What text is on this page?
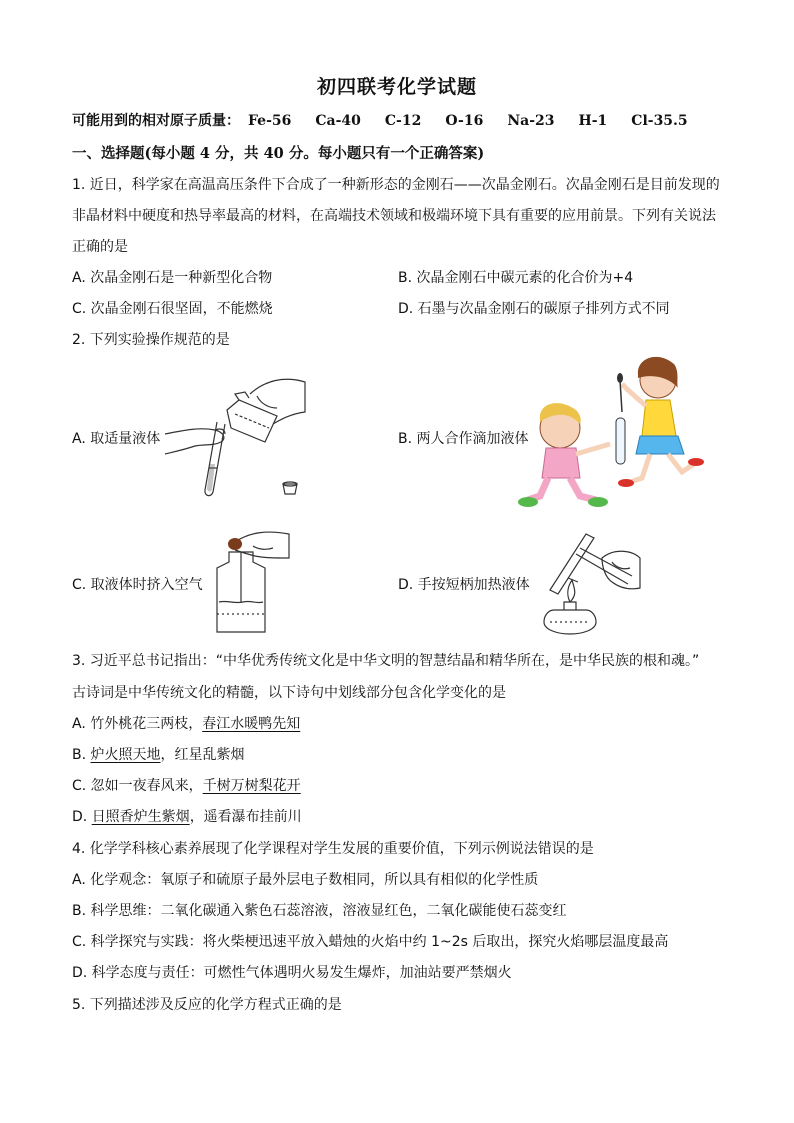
初四联考化学试题
可能用到的相对原子质量： Fe-56 Ca-40 C-12 O-16 Na-23 H-1 Cl-35.5
一、选择题(每小题 4 分，共 40 分。每小题只有一个正确答案)
1. 近日，科学家在高温高压条件下合成了一种新形态的金刚石——次晶金刚石。次晶金刚石是目前发现的
非晶材料中硬度和热导率最高的材料，在高端技术领域和极端环境下具有重要的应用前景。下列有关说法
正确的是
A. 次晶金刚石是一种新型化合物	B. 次晶金刚石中碳元素的化合价为+4
C. 次晶金刚石很坚固，不能燃烧	D. 石墨与次晶金刚石的碳原子排列方式不同
2. 下列实验操作规范的是
A. 取适量液体	B. 两人合作滴加液体
C. 取液体时挤入空气	D. 手按短柄加热液体
3. 习近平总书记指出：“中华优秀传统文化是中华文明的智慧结晶和精华所在，是中华民族的根和魂。”
古诗词是中华传统文化的精髓，以下诗句中划线部分包含化学变化的是
A. 竹外桃花三两枝，春江水暖鸭先知
B. 炉火照天地，红星乱紫烟
C. 忽如一夜春风来，千树万树梨花开
D. 日照香炉生紫烟，遥看瀑布挂前川
4. 化学学科核心素养展现了化学课程对学生发展的重要价值，下列示例说法错误的是
A. 化学观念：氧原子和硫原子最外层电子数相同，所以具有相似的化学性质
B. 科学思维：二氧化碳通入紫色石蕊溶液，溶液显红色，二氧化碳能使石蕊变红
C. 科学探究与实践：将火柴梗迅速平放入蜡烛的火焰中约 1~2s 后取出，探究火焰哪层温度最高
D. 科学态度与责任：可燃性气体遇明火易发生爆炸，加油站要严禁烟火
5. 下列描述涉及反应的化学方程式正确的是
